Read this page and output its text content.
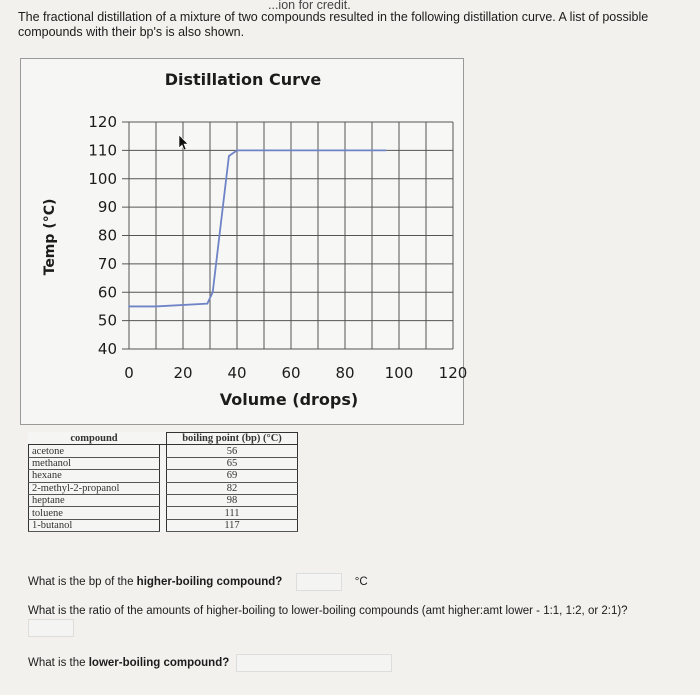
...ion for credit.
The fractional distillation of a mixture of two compounds resulted in the following distillation curve. A list of possible compounds with their bp's is also shown.
40
50
60
70
80
90
100
110
120
0	20 40 60 80 100 120
Distillation Curve
Volume (drops)
Temp (°C)
compound		boiling point (bp) (°C)
acetone		56
methanol		65
hexane		69
2-methyl-2-propanol		82
heptane		98
toluene		111
1-butanol		117
What is the bp of the higher-boiling compound?	°C
What is the ratio of the amounts of higher-boiling to lower-boiling compounds (amt higher:amt lower - 1:1, 1:2, or 2:1)?
What is the lower-boiling compound?
